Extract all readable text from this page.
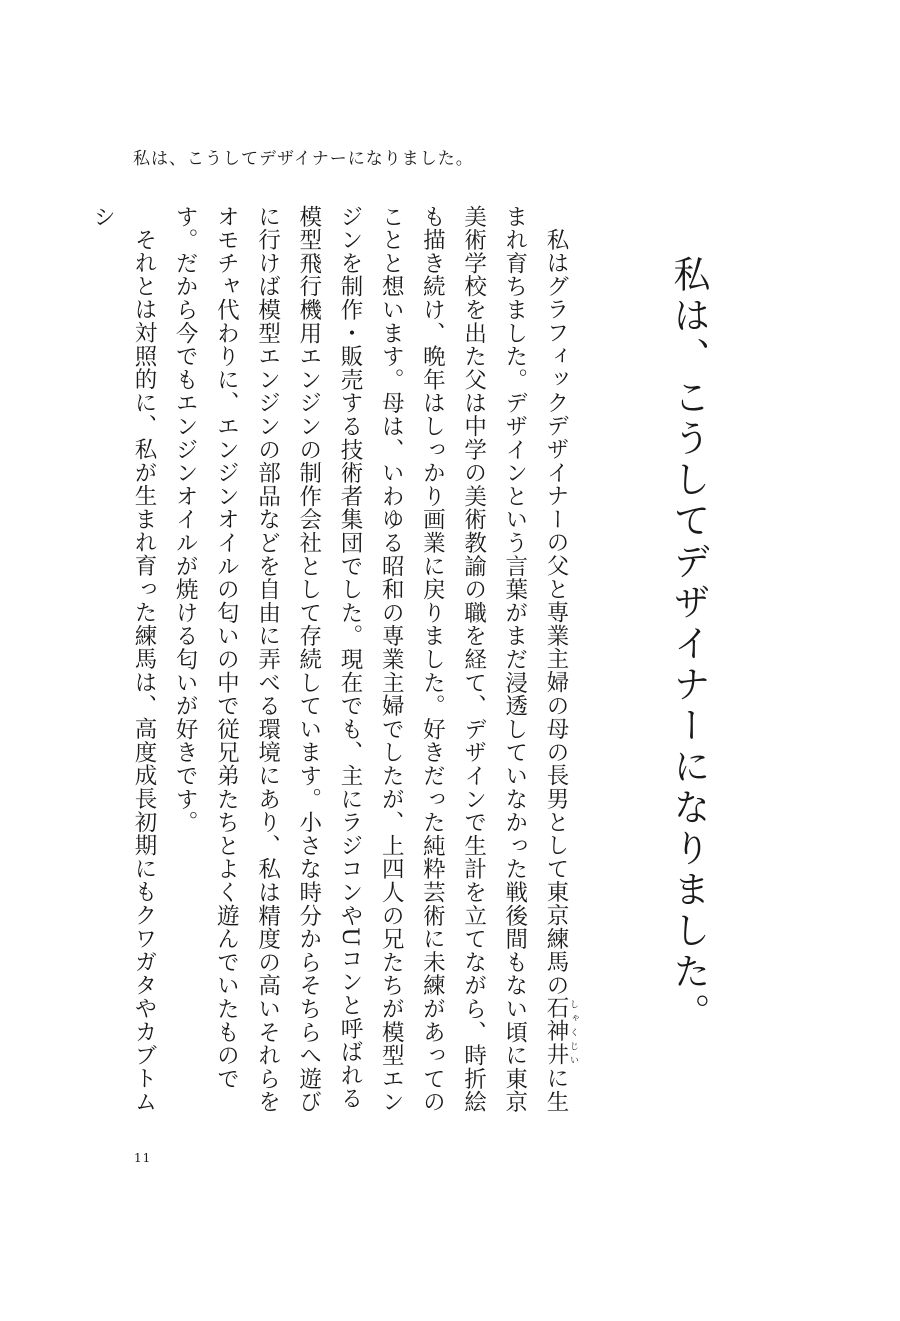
私は、こうしてデザイナーになりました。
私は、こうしてデザイナーになりました。

私はグラフィックデザイナーの父と専業主婦の母の長男として東京練馬の石神井 しゃくじいに生まれ育ちました。デザインという言葉がまだ浸透していなかった戦後間もない頃に東京美術学校を出た父は中学の美術教諭の職を経て、デザインで生計を立てながら、時折絵も描き続け、晩年はしっかり画業に戻りました。好きだった純粋芸術に未練があってのことと想います。母は、いわゆる昭和の専業主婦でしたが、上四人の兄たちが模型エンジンを制作・販売する技術者集団でした。現在でも、主にラジコンやUコンと呼ばれる模型飛行機用エンジンの制作会社として存続しています。小さな時分からそちらへ遊びに行けば模型エンジンの部品などを自由に弄べる環境にあり、私は精度の高いそれらをオモチャ代わりに、エンジンオイルの匂いの中で従兄弟たちとよく遊んでいたものです。だから今でもエンジンオイルが焼ける匂いが好きです。

それとは対照的に、私が生まれ育った練馬は、高度成長初期にもクワガタやカブトムシ

11
